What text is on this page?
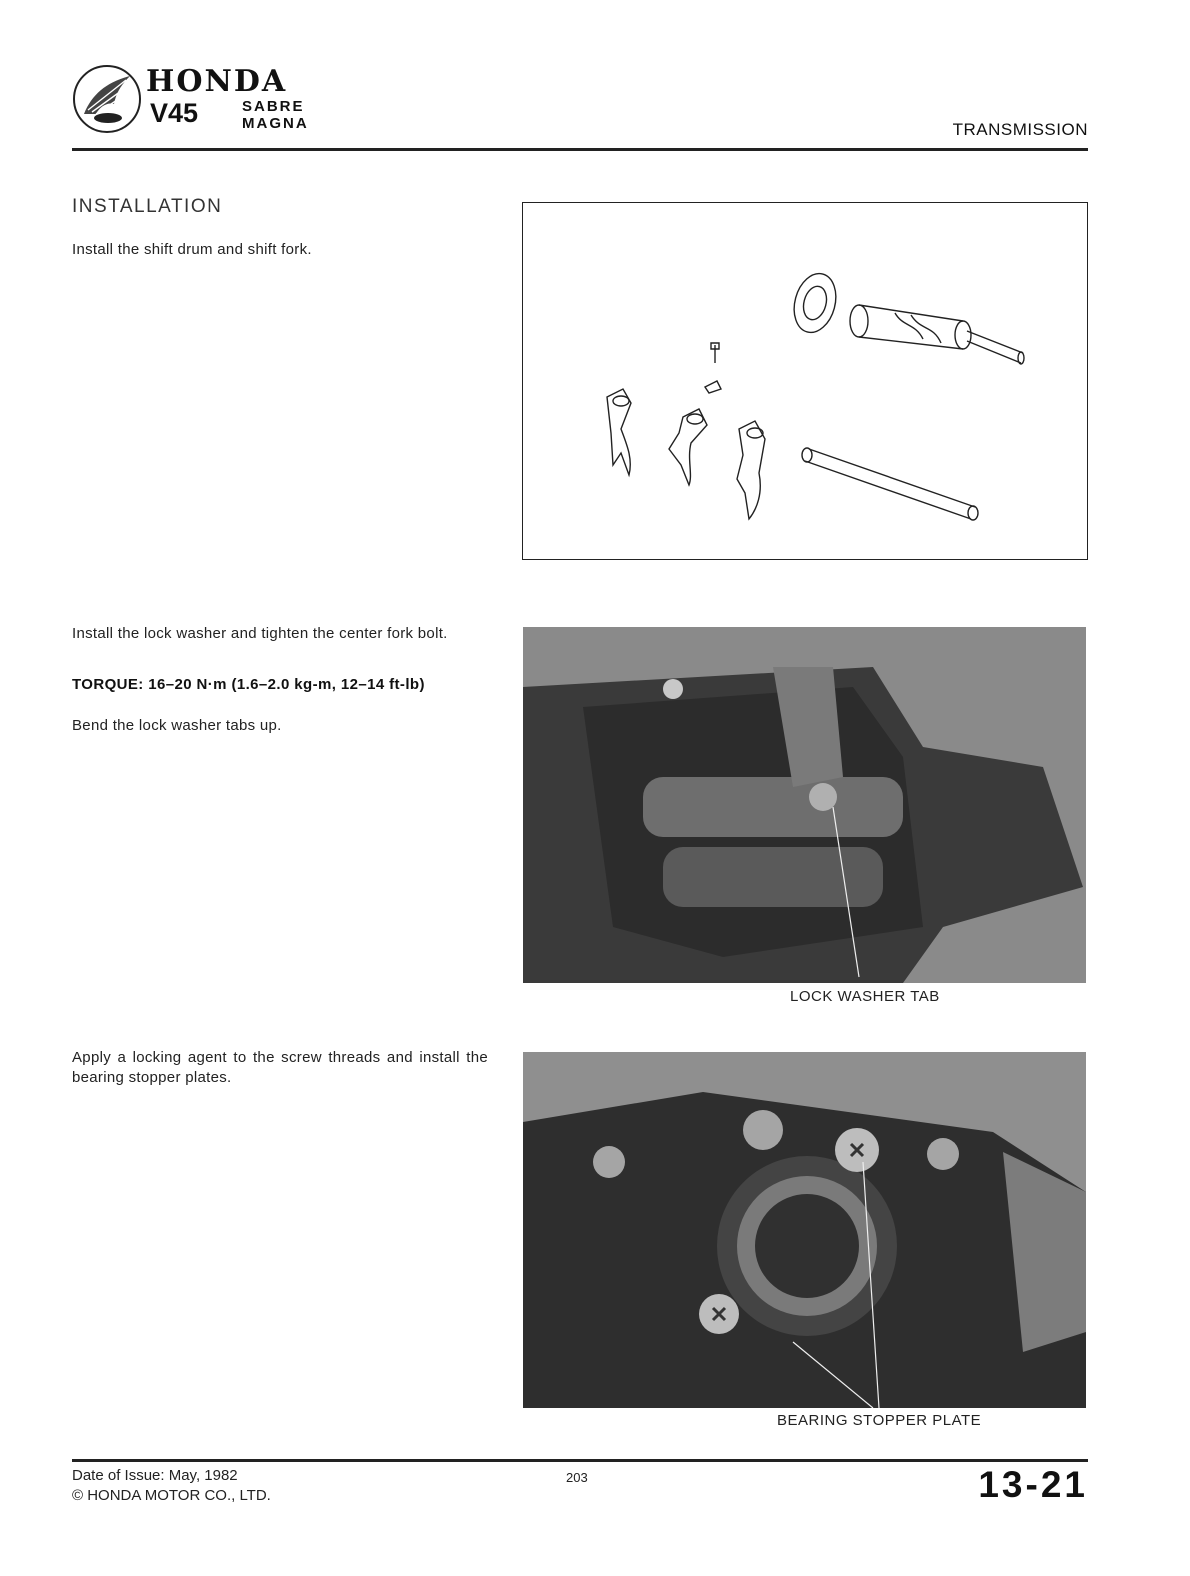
HONDA
V45	SABRE
MAGNA	TRANSMISSION
INSTALLATION
Install the shift drum and shift fork.
Install the lock washer and tighten the center fork bolt.
TORQUE: 16–20 N·m (1.6–2.0 kg-m, 12–14 ft-lb)
Bend the lock washer tabs up.
Apply a locking agent to the screw threads and install the bearing stopper plates.
LOCK WASHER TAB
BEARING STOPPER PLATE
Date of Issue: May, 1982
© HONDA MOTOR CO., LTD.
203	13-21
